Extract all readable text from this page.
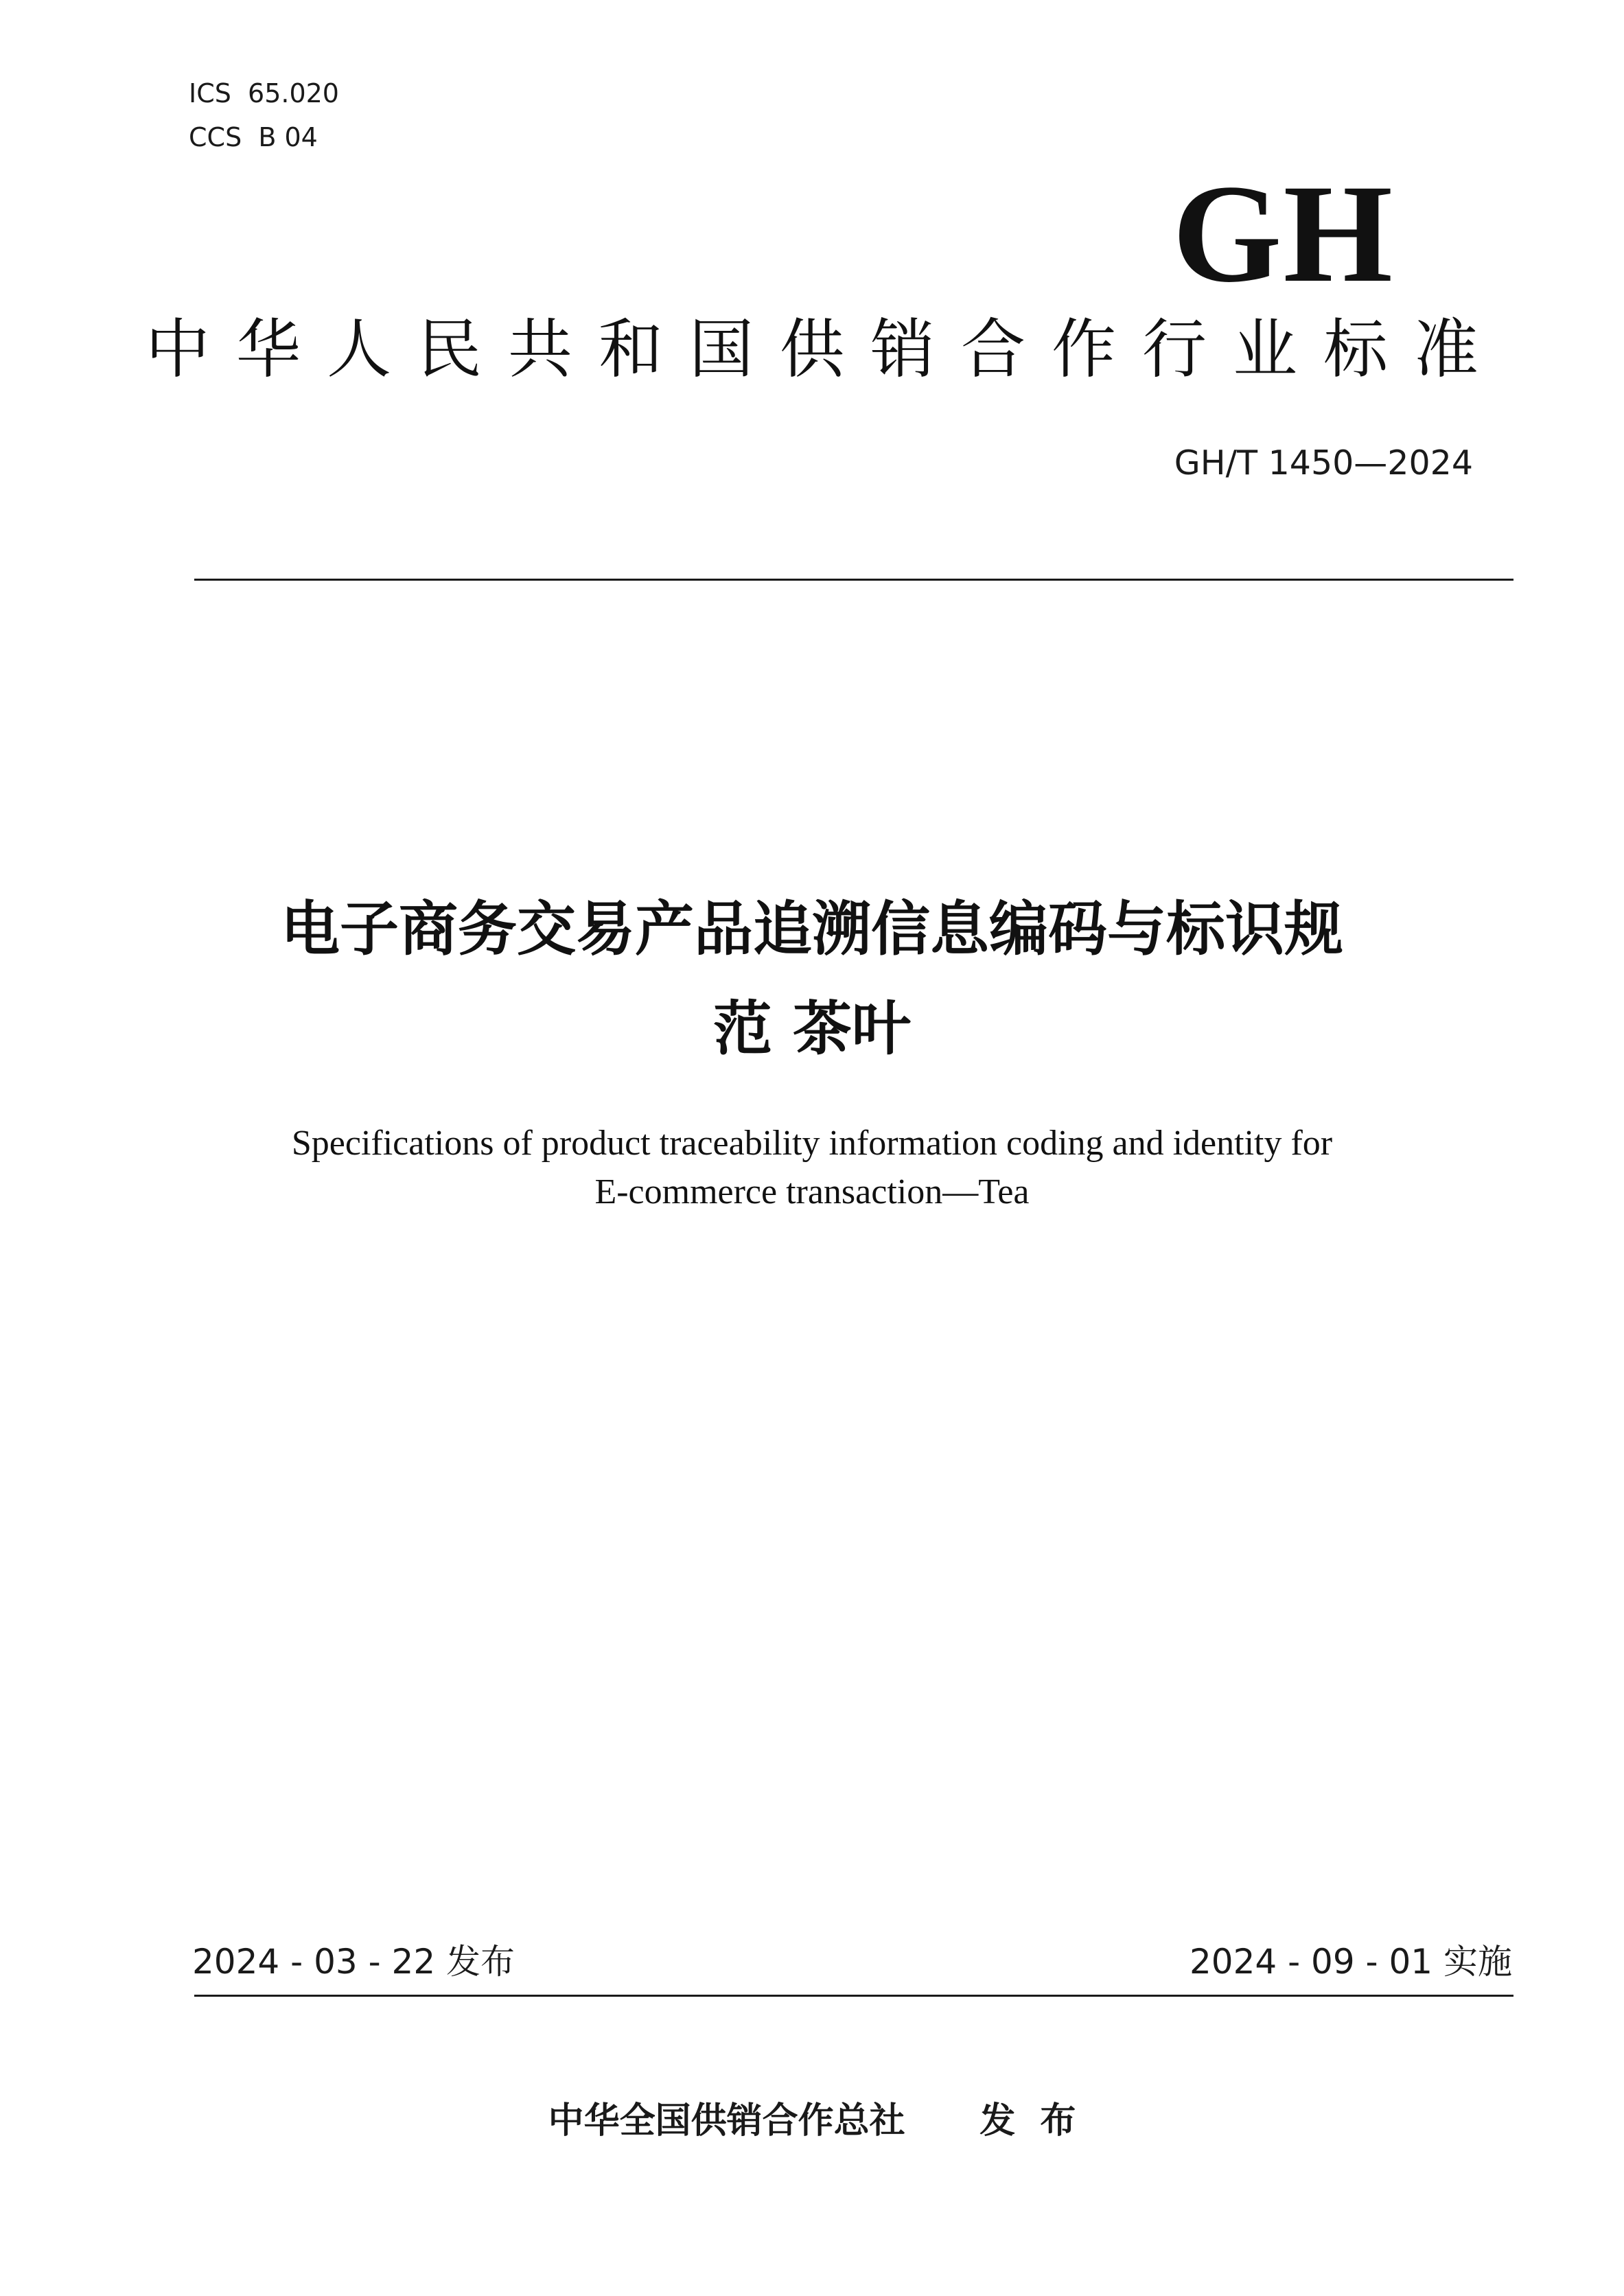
ICS  65.020
CCS  B 04
GH
中华人民共和国供销合作行业标准
GH/T 1450—2024
电子商务交易产品追溯信息编码与标识规
范 茶叶
Specifications of product traceability information coding and identity for
E-commerce transaction—Tea
2024 - 03 - 22 发布	2024 - 09 - 01 实施
中华全国供销合作总社      发  布
